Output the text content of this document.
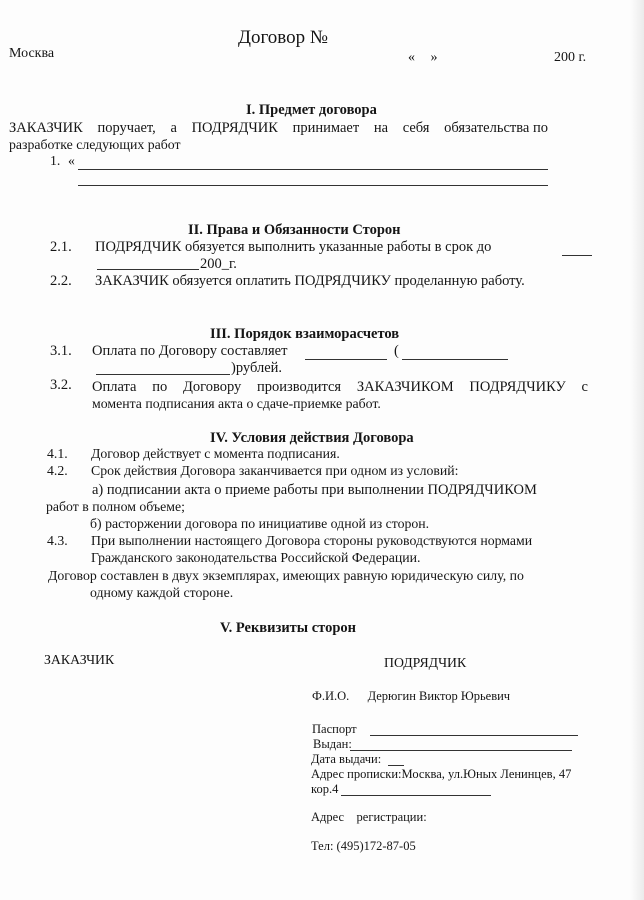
Договор №
Москва	« »	200 г.
I. Предмет договора
ЗАКАЗЧИК поручает, а ПОДРЯДЧИК принимает на себя обязательства по
разработке следующих работ
1. «
II. Права и Обязанности Сторон
2.1. ПОДРЯДЧИК обязуется выполнить указанные работы в срок до
200_г.
2.2. ЗАКАЗЧИК обязуется оплатить ПОДРЯДЧИКУ проделанную работу.
III. Порядок взаиморасчетов
3.1. Оплата по Договору составляет	(
)рублей.
3.2. Оплата по Договору производится ЗАКАЗЧИКОМ ПОДРЯДЧИКУ с
момента подписания акта о сдаче-приемке работ.
IV. Условия действия Договора
4.1. Договор действует с момента подписания.
4.2. Срок действия Договора заканчивается при одном из условий:
а) подписании акта о приеме работы при выполнении ПОДРЯДЧИКОМ
работ в полном объеме;
б) расторжении договора по инициативе одной из сторон.
4.3. При выполнении настоящего Договора стороны руководствуются нормами
Гражданского законодательства Российской Федерации.
Договор составлен в двух экземплярах, имеющих равную юридическую силу, по
одному каждой стороне.
V. Реквизиты сторон
ЗАКАЗЧИК	ПОДРЯДЧИК
Ф.И.О. Дерюгин Виктор Юрьевич
Паспорт
Выдан:
Дата выдачи:
Адрес прописки:Москва, ул.Юных Ленинцев, 47
кор.4
Адрес    регистрации:
Тел: (495)172-87-05
